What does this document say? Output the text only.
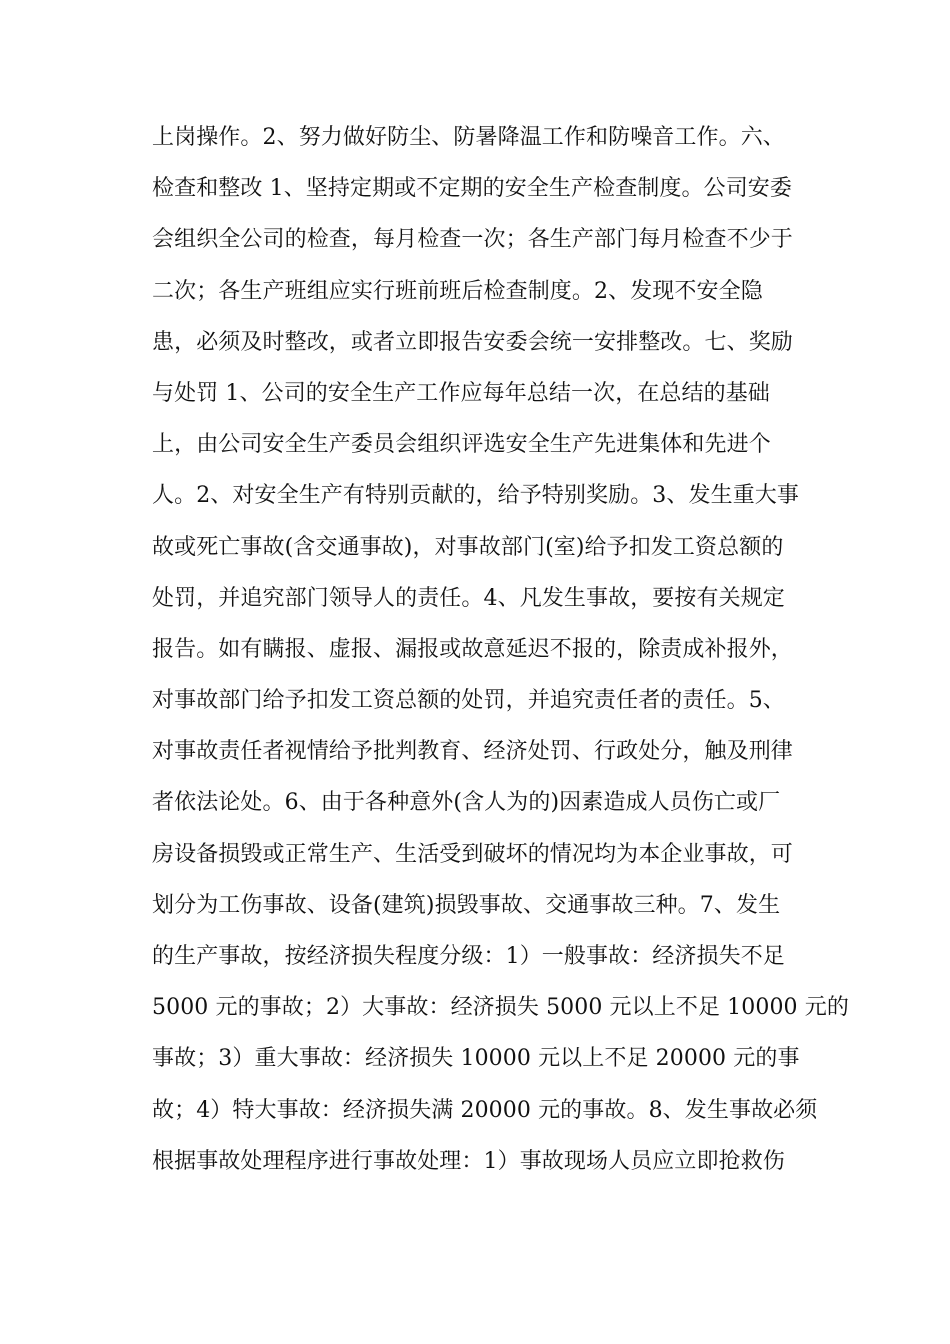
上岗操作。2、努力做好防尘、防暑降温工作和防噪音工作。六、
检查和整改 1、坚持定期或不定期的安全生产检查制度。公司安委
会组织全公司的检查，每月检查一次；各生产部门每月检查不少于
二次；各生产班组应实行班前班后检查制度。2、发现不安全隐
患，必须及时整改，或者立即报告安委会统一安排整改。七、奖励
与处罚 1、公司的安全生产工作应每年总结一次，在总结的基础
上，由公司安全生产委员会组织评选安全生产先进集体和先进个
人。2、对安全生产有特别贡献的，给予特别奖励。3、发生重大事
故或死亡事故(含交通事故)，对事故部门(室)给予扣发工资总额的
处罚，并追究部门领导人的责任。4、凡发生事故，要按有关规定
报告。如有瞒报、虚报、漏报或故意延迟不报的，除责成补报外，
对事故部门给予扣发工资总额的处罚，并追究责任者的责任。5、
对事故责任者视情给予批判教育、经济处罚、行政处分，触及刑律
者依法论处。6、由于各种意外(含人为的)因素造成人员伤亡或厂
房设备损毁或正常生产、生活受到破坏的情况均为本企业事故，可
划分为工伤事故、设备(建筑)损毁事故、交通事故三种。7、发生
的生产事故，按经济损失程度分级：1）一般事故：经济损失不足
5000 元的事故；2）大事故：经济损失 5000 元以上不足 10000 元的
事故；3）重大事故：经济损失 10000 元以上不足 20000 元的事
故；4）特大事故：经济损失满 20000 元的事故。8、发生事故必须
根据事故处理程序进行事故处理：1）事故现场人员应立即抢救伤
